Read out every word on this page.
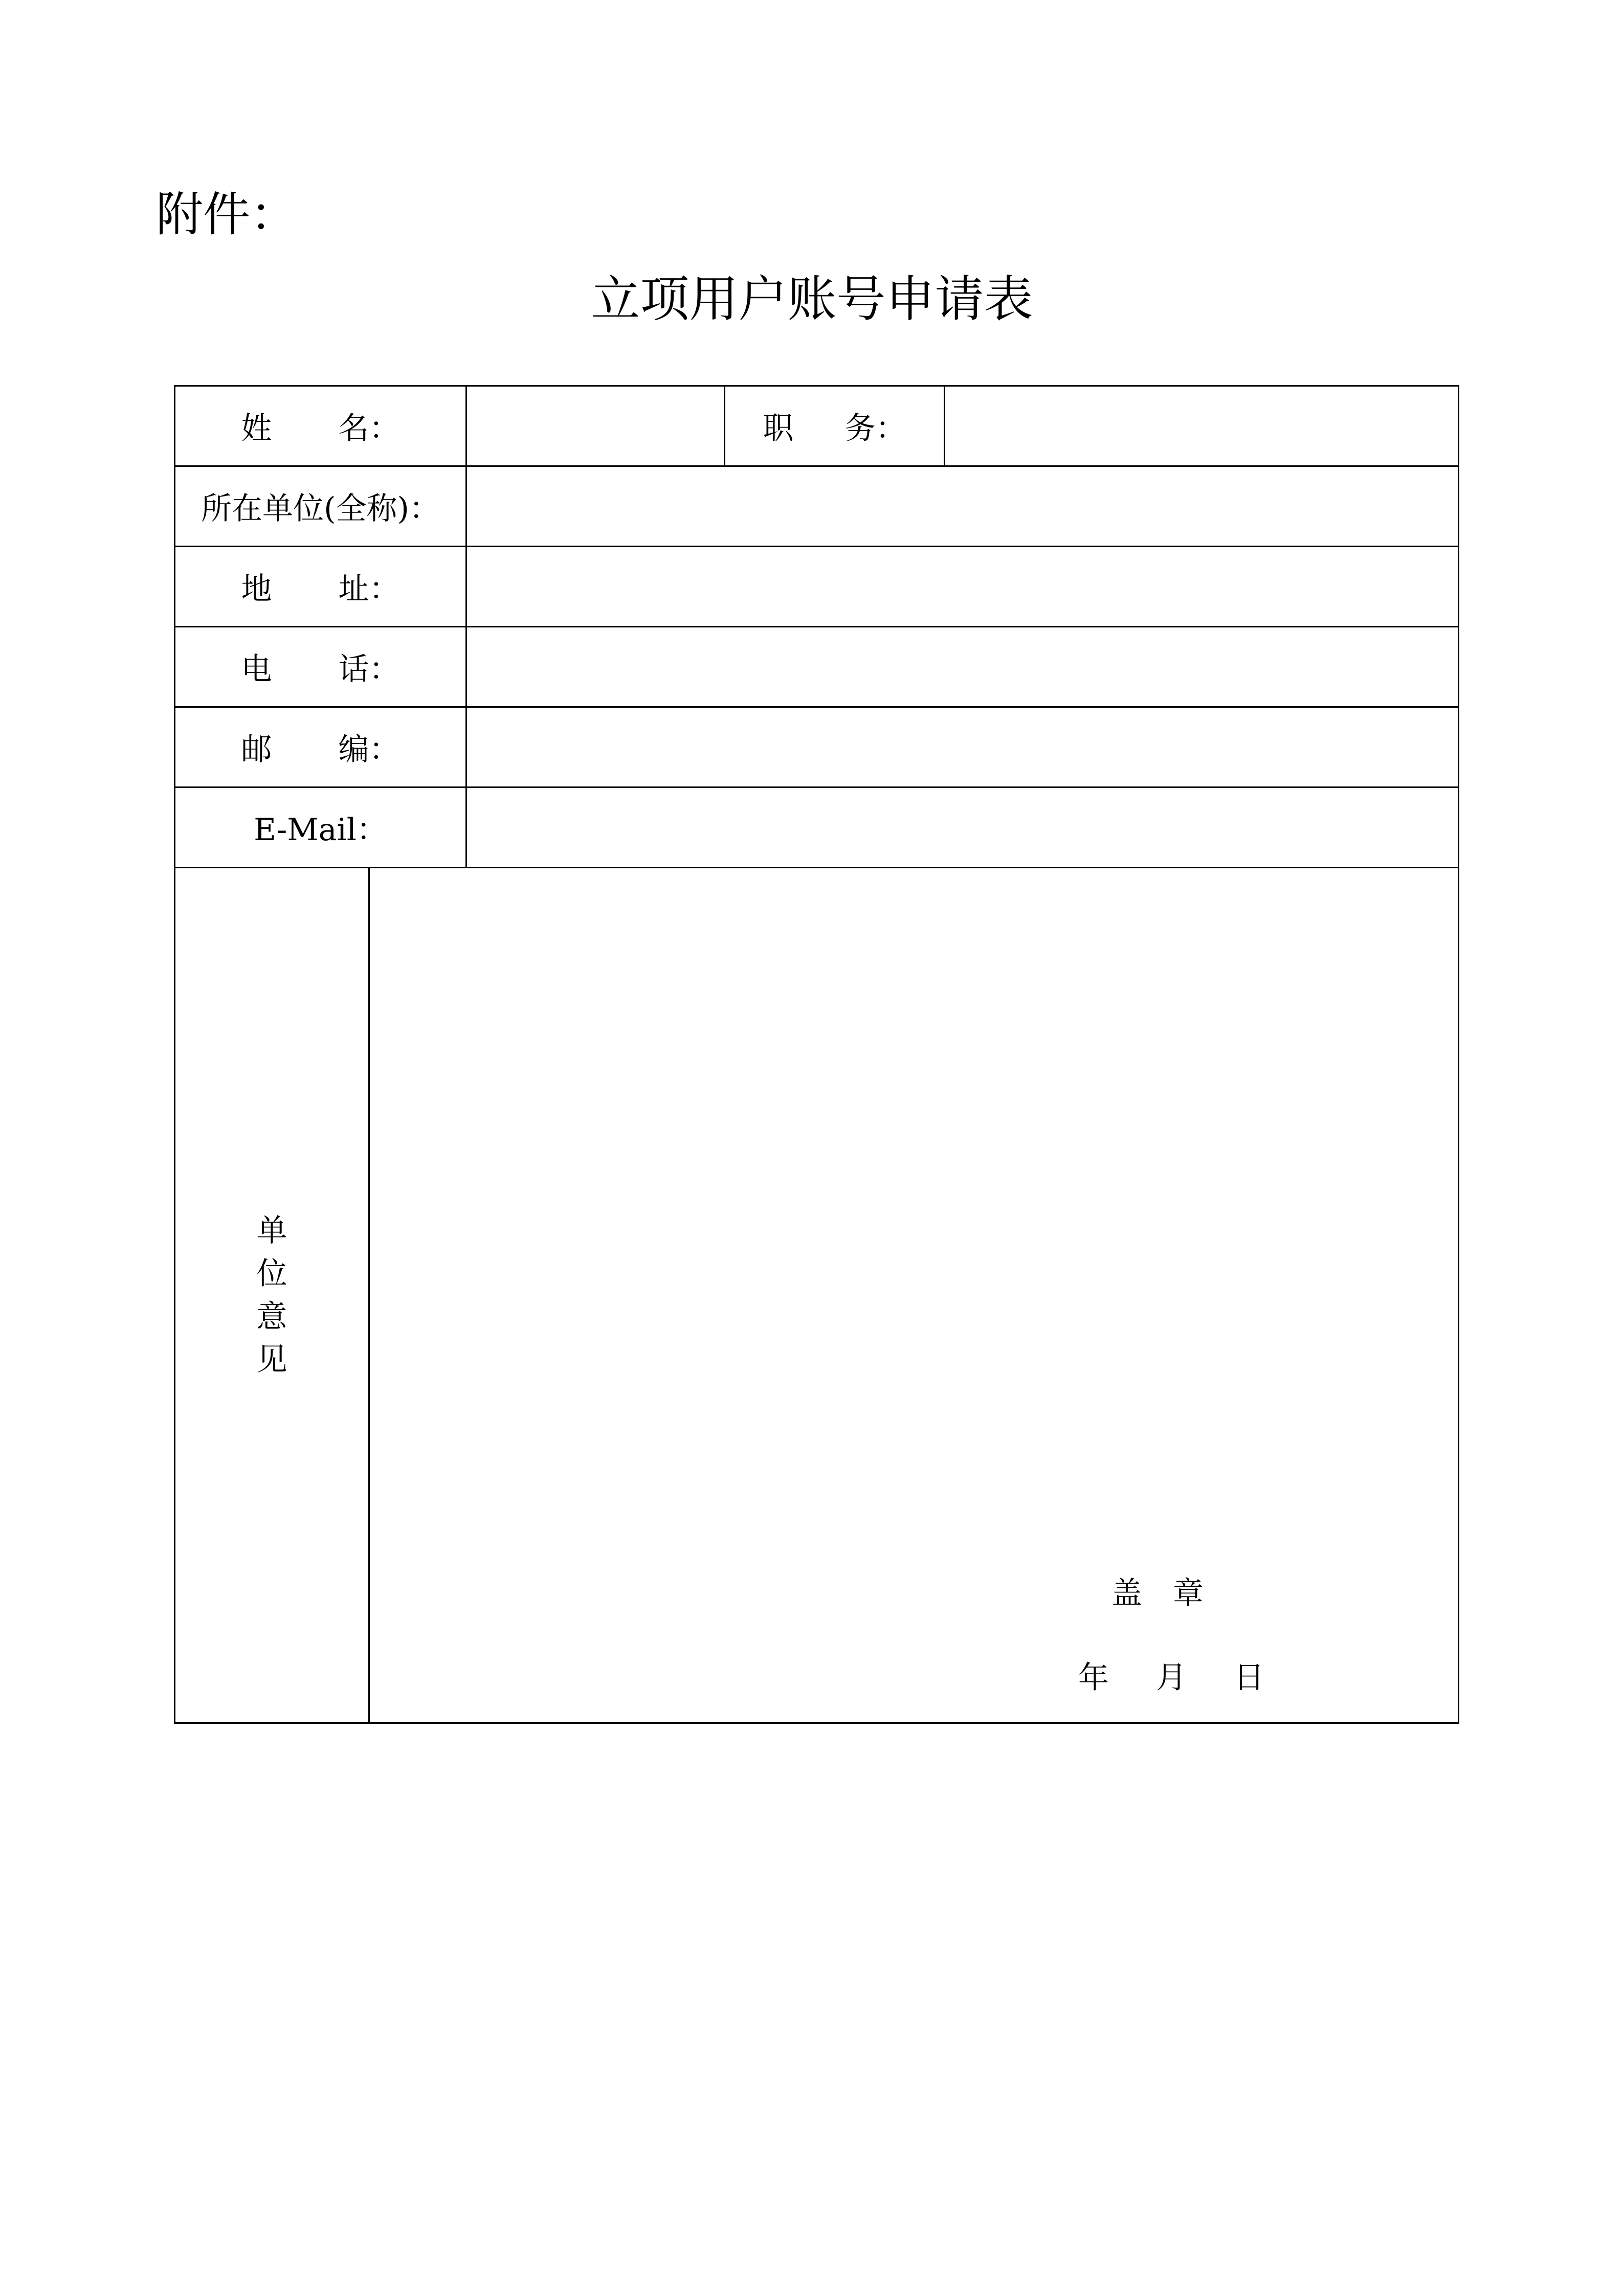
附件：
立项用户账号申请表
姓 名：			职 务：	
所在单位(全称)：				
地 址：				
电 话：				
邮 编：				
E-Mail：				
单位意见	盖 章
年 月 日			
